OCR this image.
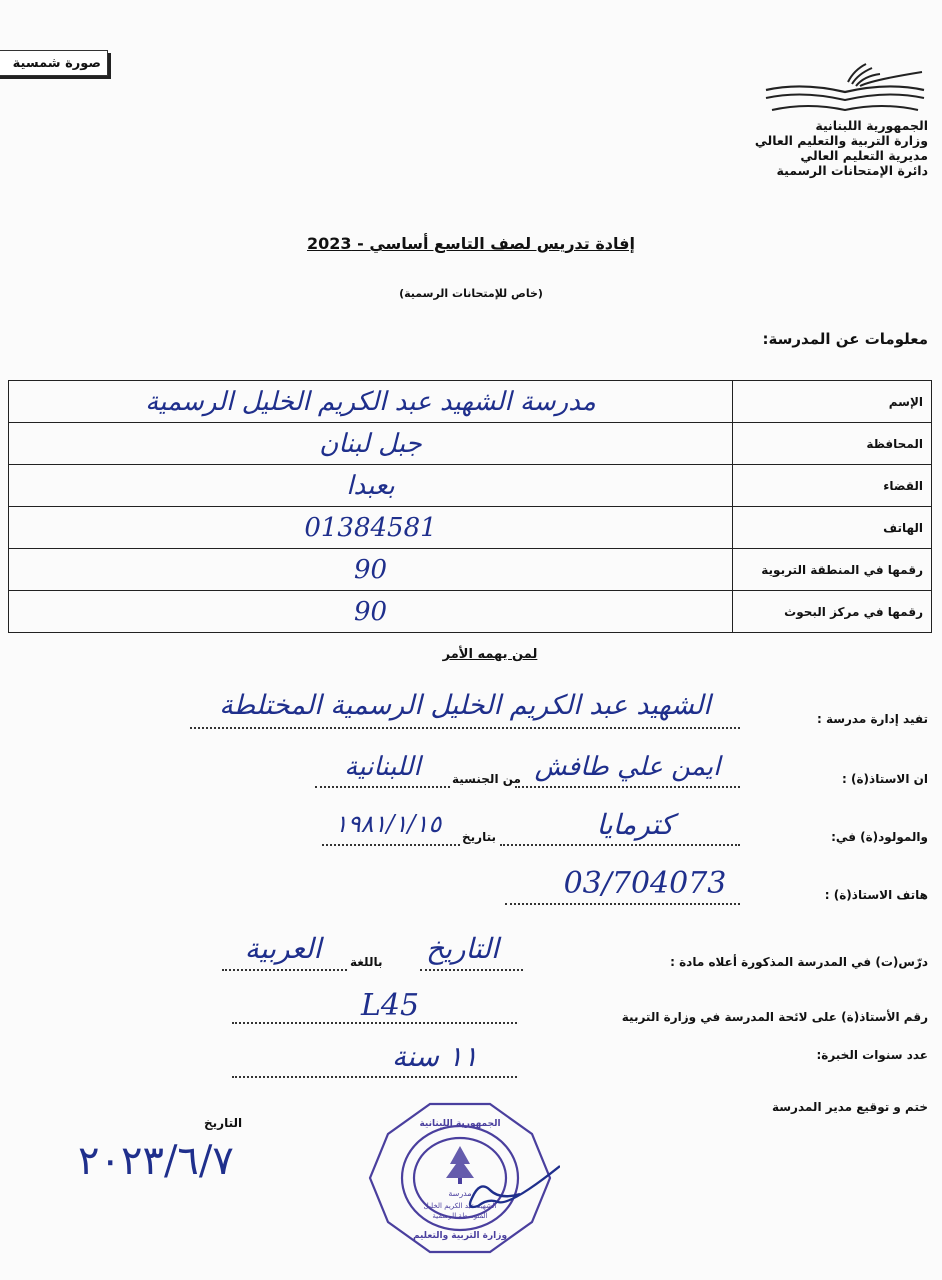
صورة شمسية
الجمهورية اللبنانية
وزارة التربية والتعليم العالي
مديرية التعليم العالي
دائرة الإمتحانات الرسمية
إفادة تدريس لصف التاسع أساسي - 2023
(خاص للإمتحانات الرسمية)
معلومات عن المدرسة:
مدرسة الشهيد عبد الكريم الخليل الرسمية	الإسم
جبل لبنان	المحافظة
بعبدا	القضاء
01384581	الهاتف
90	رقمها في المنطقة التربوية
90	رقمها في مركز البحوث
لمن يهمه الأمر
تفيد إدارة مدرسة :
الشهيد عبد الكريم الخليل الرسمية المختلطة
ان الاستاذ(ة) :
ايمن علي طافش
من الجنسية
اللبنانية
والمولود(ة) في:
كترمايا
بتاريخ
١٩٨١/١/١٥
هاتف الاستاذ(ة) :
03/704073
درّس(ت) في المدرسة المذكورة أعلاه مادة :
التاريخ
باللغة
العربية
رقم الأستاذ(ة) على لائحة المدرسة في وزارة التربية
L45
عدد سنوات الخبرة:
١١ سنة
ختم و توقيع مدير المدرسة
التاريخ
٢٠٢٣/٦/٧
مدرسة
الشهيد عبد الكريم الخليل
المتوسطة الرسمية
الجمهورية اللبنانية
وزارة التربية والتعليم
